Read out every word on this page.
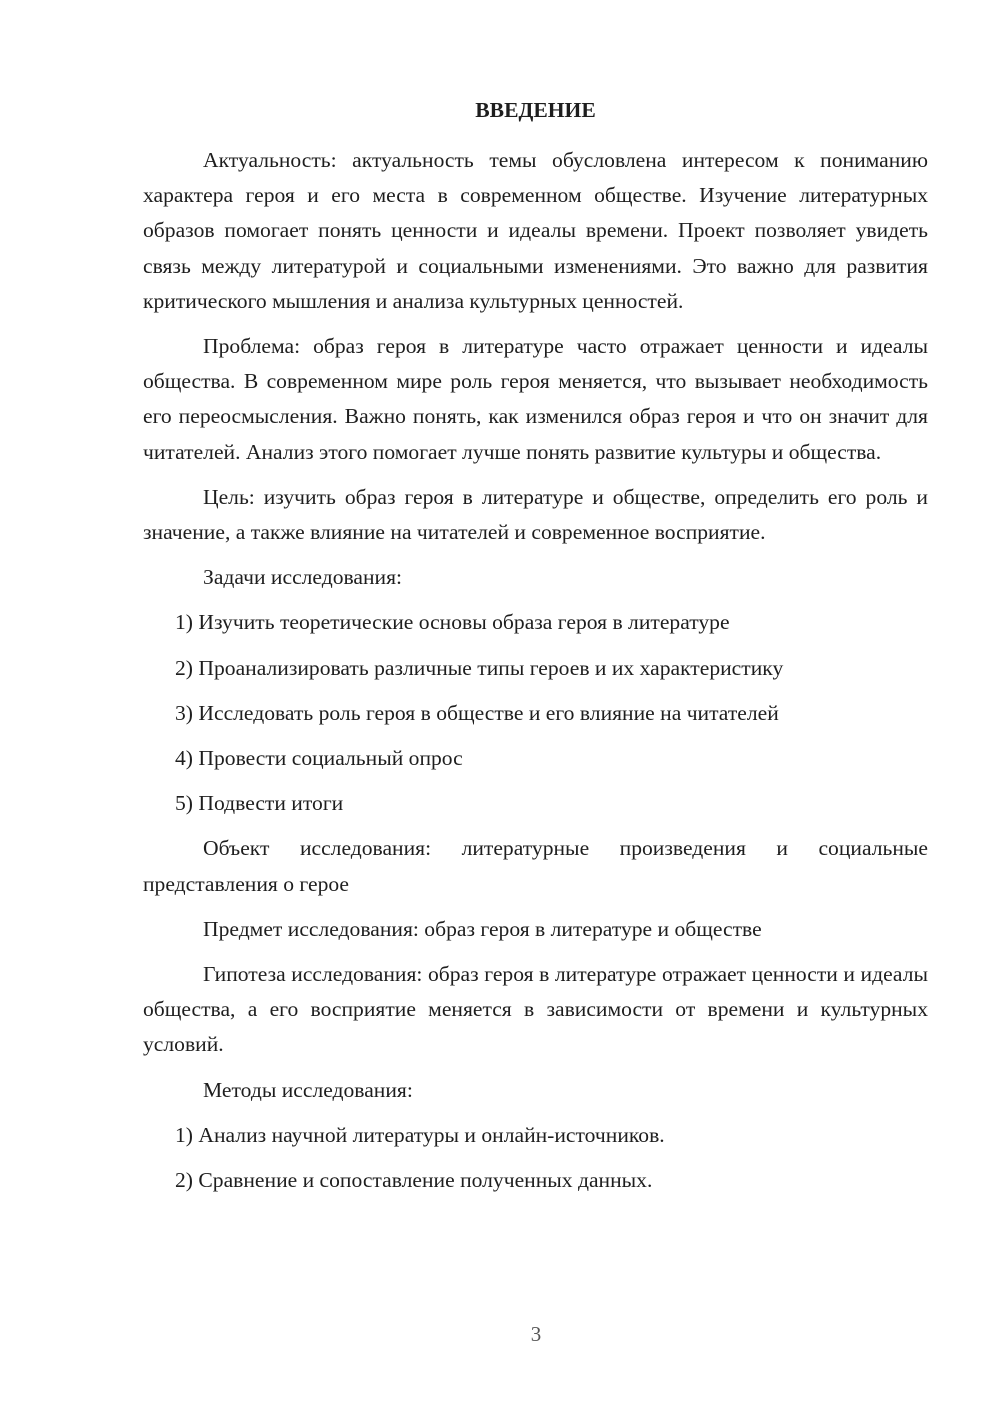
ВВЕДЕНИЕ

Актуальность: актуальность темы обусловлена интересом к пониманию характера героя и его места в современном обществе. Изучение литературных образов помогает понять ценности и идеалы времени. Проект позволяет увидеть связь между литературой и социальными изменениями. Это важно для развития критического мышления и анализа культурных ценностей.

Проблема: образ героя в литературе часто отражает ценности и идеалы общества. В современном мире роль героя меняется, что вызывает необходимость его переосмысления. Важно понять, как изменился образ героя и что он значит для читателей. Анализ этого помогает лучше понять развитие культуры и общества.

Цель: изучить образ героя в литературе и обществе, определить его роль и значение, а также влияние на читателей и современное восприятие.

Задачи исследования:

1) Изучить теоретические основы образа героя в литературе
2) Проанализировать различные типы героев и их характеристику
3) Исследовать роль героя в обществе и его влияние на читателей
4) Провести социальный опрос
5) Подвести итоги

Объект исследования: литературные произведения и социальные представления о герое

Предмет исследования: образ героя в литературе и обществе

Гипотеза исследования: образ героя в литературе отражает ценности и идеалы общества, а его восприятие меняется в зависимости от времени и культурных условий.

Методы исследования:

1) Анализ научной литературы и онлайн-источников.
2) Сравнение и сопоставление полученных данных.
3
